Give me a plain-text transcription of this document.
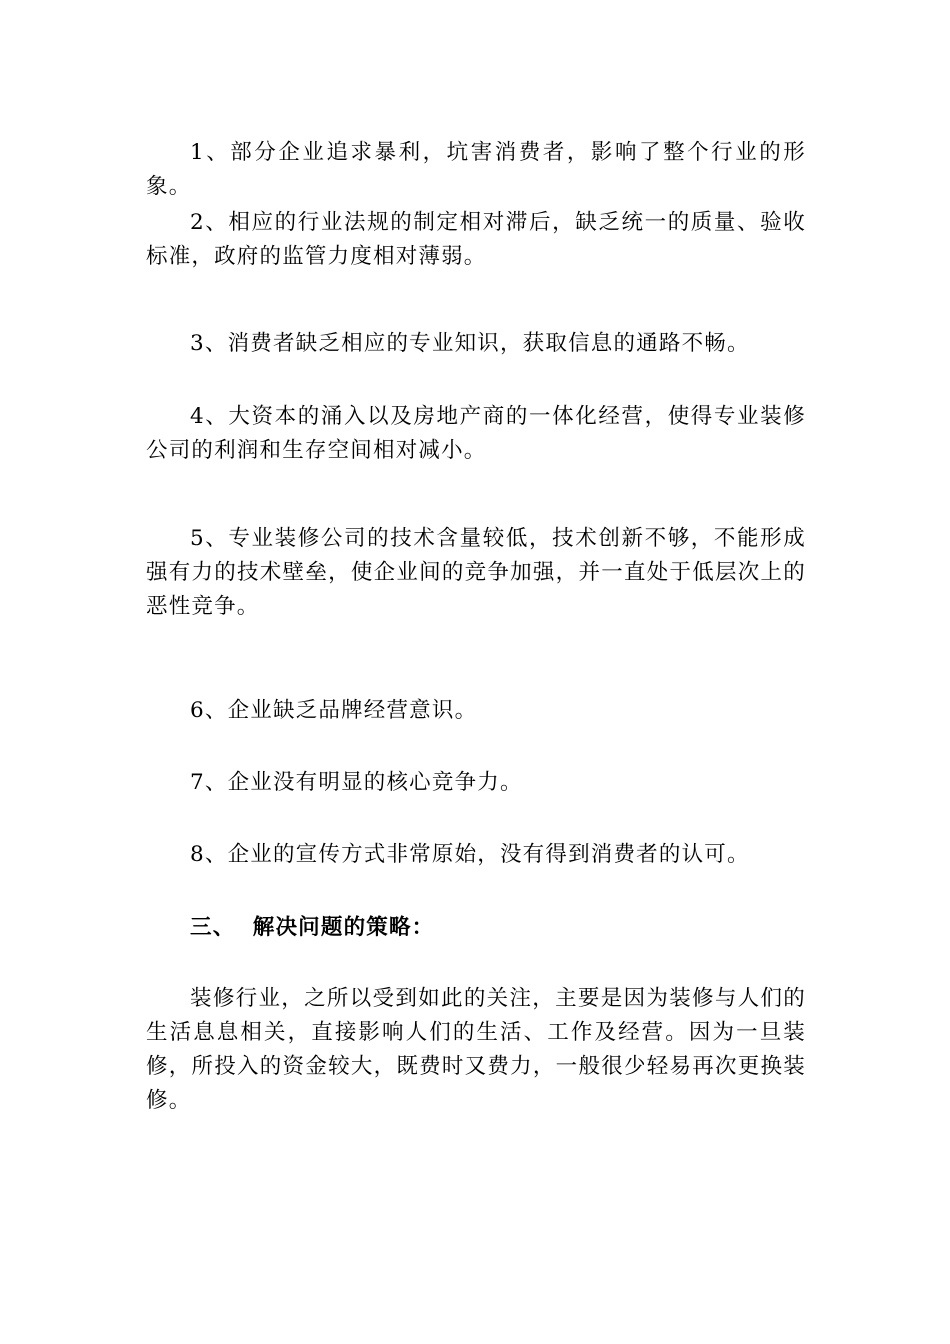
1、部分企业追求暴利，坑害消费者，影响了整个行业的形象。

2、相应的行业法规的制定相对滞后，缺乏统一的质量、验收标准，政府的监管力度相对薄弱。

3、消费者缺乏相应的专业知识，获取信息的通路不畅。

4、大资本的涌入以及房地产商的一体化经营，使得专业装修公司的利润和生存空间相对减小。

5、专业装修公司的技术含量较低，技术创新不够，不能形成强有力的技术壁垒，使企业间的竞争加强，并一直处于低层次上的恶性竞争。

6、企业缺乏品牌经营意识。

7、企业没有明显的核心竞争力。

8、企业的宣传方式非常原始，没有得到消费者的认可。

三、  解决问题的策略：

装修行业，之所以受到如此的关注，主要是因为装修与人们的生活息息相关，直接影响人们的生活、工作及经营。因为一旦装修，所投入的资金较大，既费时又费力，一般很少轻易再次更换装修。
